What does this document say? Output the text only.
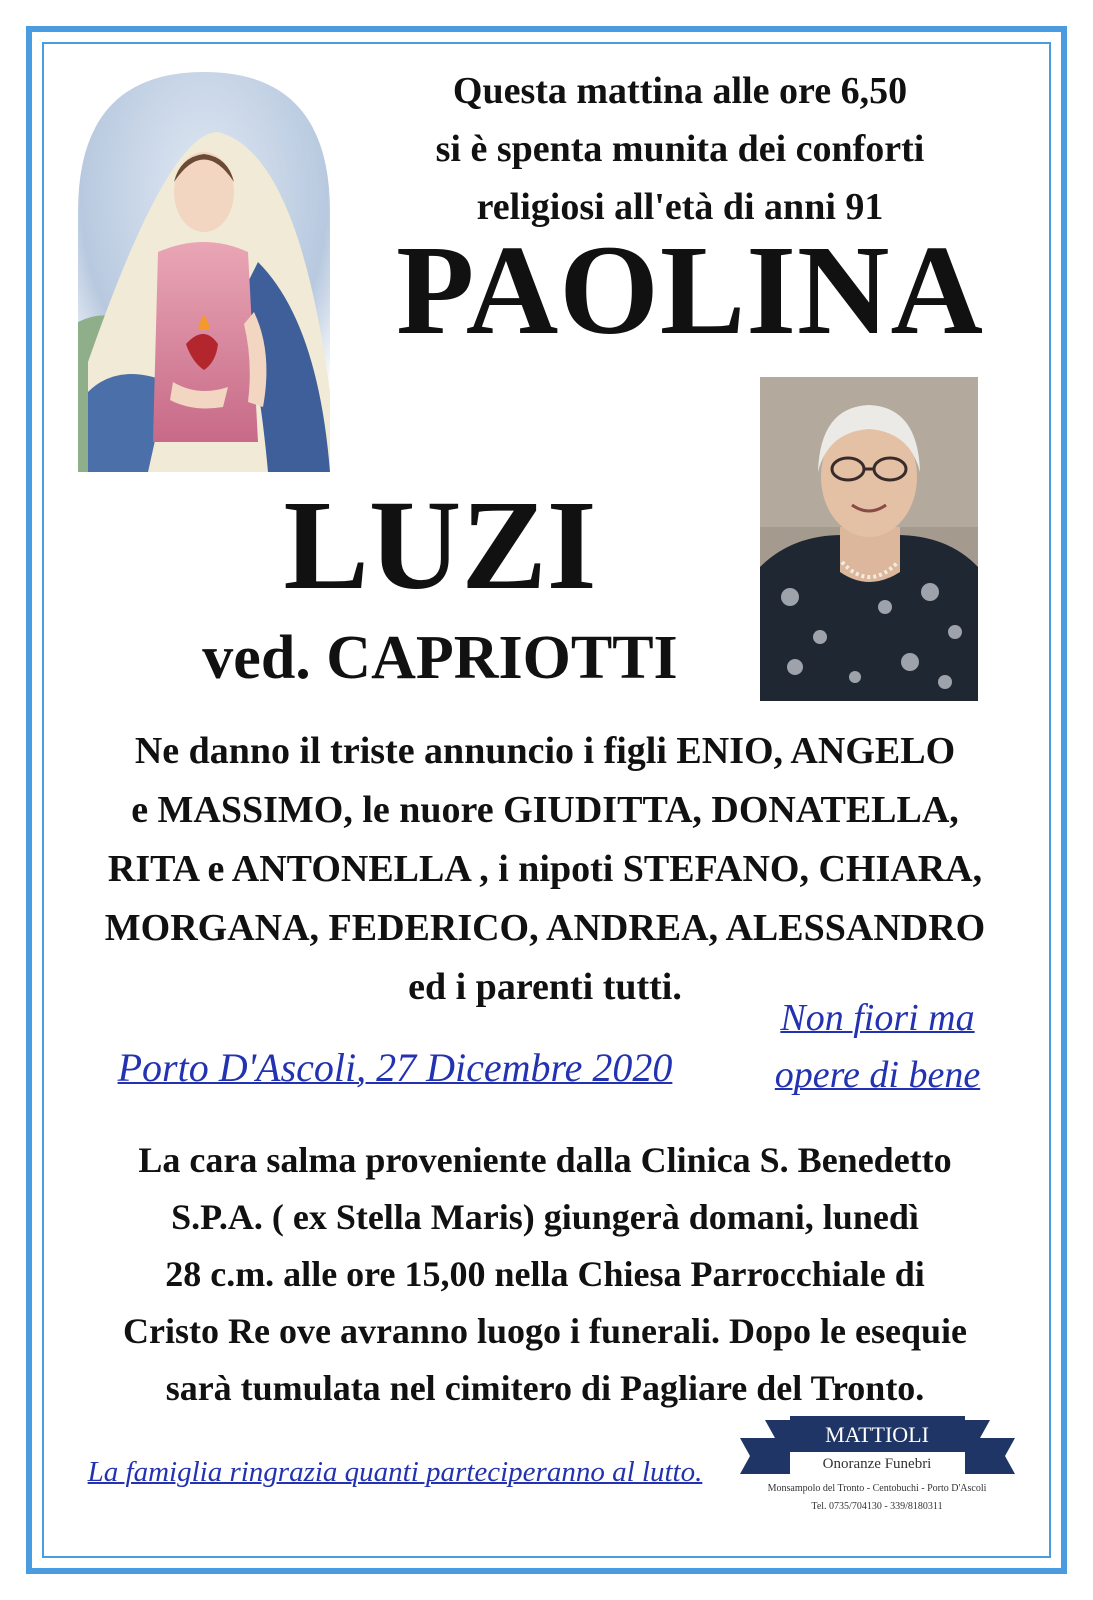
Questa mattina alle ore 6,50
si è spenta munita dei conforti
religiosi all'età di anni 91
PAOLINA
LUZI
ved. CAPRIOTTI
Ne danno il triste annuncio i figli ENIO, ANGELO
e MASSIMO, le nuore GIUDITTA, DONATELLA,
RITA e ANTONELLA , i nipoti STEFANO, CHIARA,
MORGANA, FEDERICO, ANDREA, ALESSANDRO
ed i parenti tutti.
Non fiori ma
opere di bene
Porto D'Ascoli, 27 Dicembre 2020
La cara salma proveniente dalla Clinica S. Benedetto
S.P.A. ( ex Stella Maris) giungerà domani, lunedì
28 c.m. alle ore 15,00 nella Chiesa Parrocchiale di
Cristo Re ove avranno luogo i funerali. Dopo le esequie
sarà tumulata nel cimitero di Pagliare del Tronto.
La famiglia ringrazia quanti parteciperanno al lutto.
MATTIOLI
Onoranze Funebri
Monsampolo del Tronto - Centobuchi - Porto D'Ascoli
Tel. 0735/704130 - 339/8180311
